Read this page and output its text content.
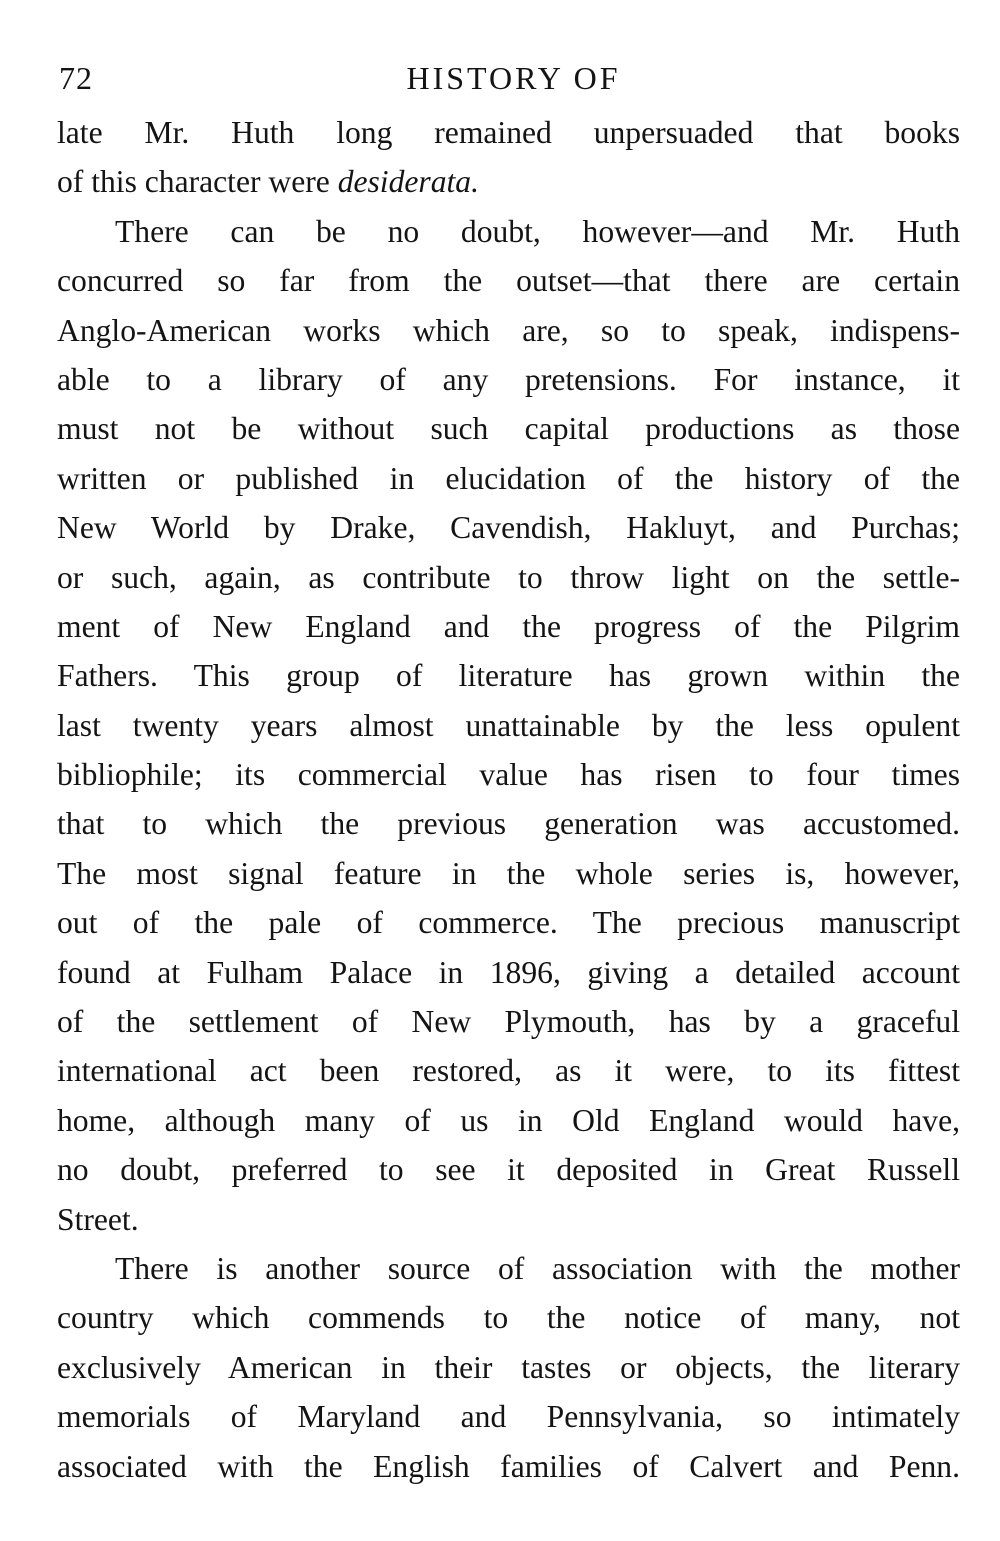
72	HISTORY OF
late Mr. Huth long remained unpersuaded that books
of this character were desiderata.
There can be no doubt, however—and Mr. Huth
concurred so far from the outset—that there are certain
Anglo-American works which are, so to speak, indispens-
able to a library of any pretensions. For instance, it
must not be without such capital productions as those
written or published in elucidation of the history of the
New World by Drake, Cavendish, Hakluyt, and Purchas;
or such, again, as contribute to throw light on the settle-
ment of New England and the progress of the Pilgrim
Fathers. This group of literature has grown within the
last twenty years almost unattainable by the less opulent
bibliophile; its commercial value has risen to four times
that to which the previous generation was accustomed.
The most signal feature in the whole series is, however,
out of the pale of commerce. The precious manuscript
found at Fulham Palace in 1896, giving a detailed account
of the settlement of New Plymouth, has by a graceful
international act been restored, as it were, to its fittest
home, although many of us in Old England would have,
no doubt, preferred to see it deposited in Great Russell
Street.
There is another source of association with the mother
country which commends to the notice of many, not
exclusively American in their tastes or objects, the literary
memorials of Maryland and Pennsylvania, so intimately
associated with the English families of Calvert and Penn.
